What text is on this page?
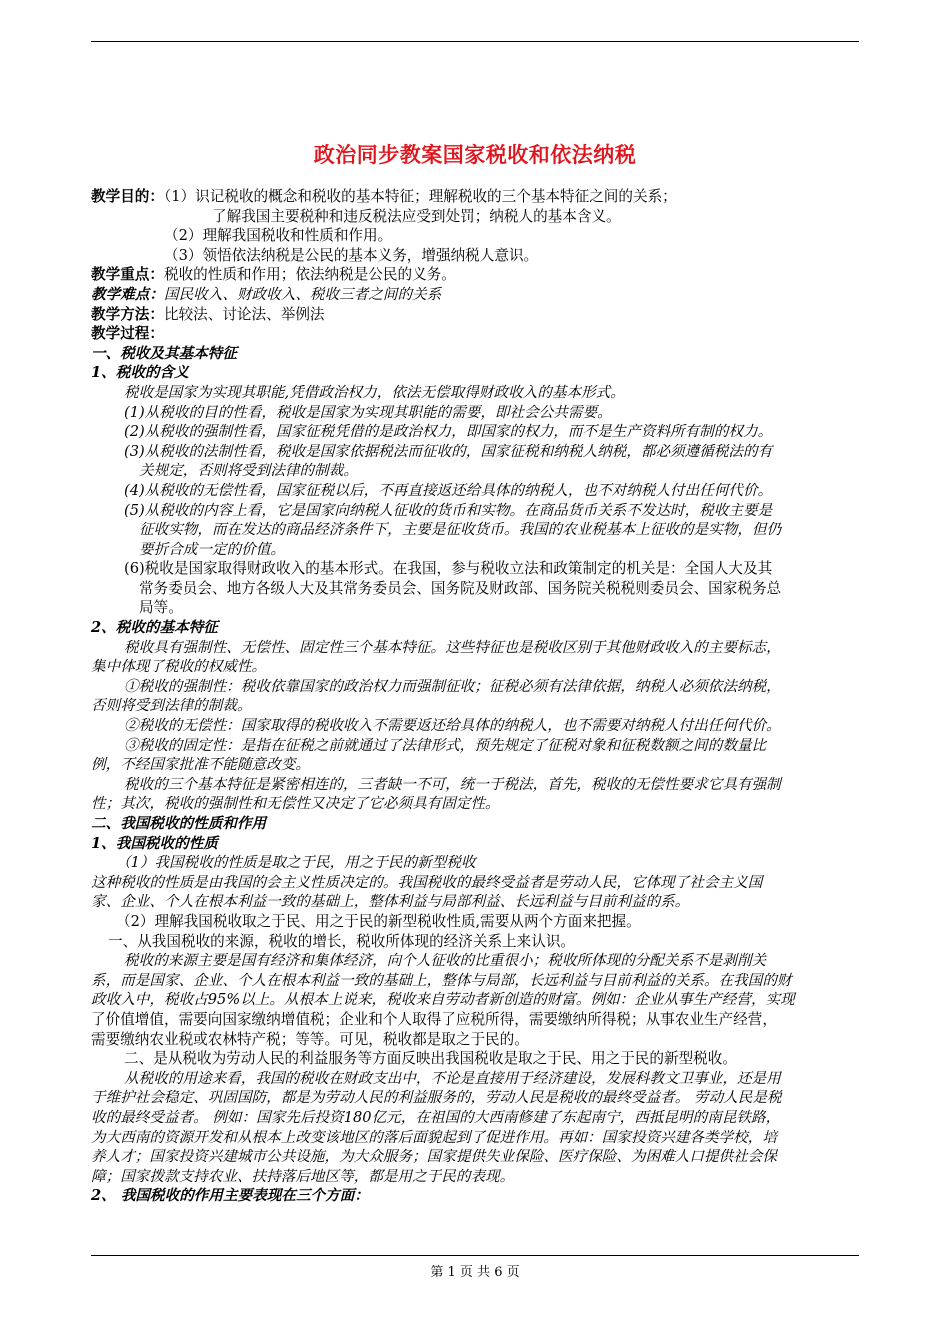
政治同步教案国家税收和依法纳税
教学目的：（1）识记税收的概念和税收的基本特征；理解税收的三个基本特征之间的关系；
了解我国主要税种和违反税法应受到处罚；纳税人的基本含义。
（2）理解我国税收和性质和作用。
（3）领悟依法纳税是公民的基本义务，增强纳税人意识。
教学重点：税收的性质和作用；依法纳税是公民的义务。
教学难点：国民收入、财政收入、税收三者之间的关系
教学方法：比较法、讨论法、举例法
教学过程：
一、税收及其基本特征
1、税收的含义
税收是国家为实现其职能,凭借政治权力，依法无偿取得财政收入的基本形式。
(1)从税收的目的性看，税收是国家为实现其职能的需要，即社会公共需要。
(2)从税收的强制性看，国家征税凭借的是政治权力，即国家的权力，而不是生产资料所有制的权力。
(3)从税收的法制性看，税收是国家依据税法而征收的，国家征税和纳税人纳税，都必须遵循税法的有
关规定，否则将受到法律的制裁。
(4)从税收的无偿性看，国家征税以后，不再直接返还给具体的纳税人，也不对纳税人付出任何代价。
(5)从税收的内容上看，它是国家向纳税人征收的货币和实物。在商品货币关系不发达时，税收主要是
征收实物，而在发达的商品经济条件下，主要是征收货币。我国的农业税基本上征收的是实物，但仍
要折合成一定的价值。
(6)税收是国家取得财政收入的基本形式。在我国，参与税收立法和政策制定的机关是：全国人大及其
常务委员会、地方各级人大及其常务委员会、国务院及财政部、国务院关税税则委员会、国家税务总
局等。
2、税收的基本特征
税收具有强制性、无偿性、固定性三个基本特征。这些特征也是税收区别于其他财政收入的主要标志，
集中体现了税收的权威性。
①税收的强制性：税收依靠国家的政治权力而强制征收；征税必须有法律依据，纳税人必须依法纳税，
否则将受到法律的制裁。
②税收的无偿性：国家取得的税收收入不需要返还给具体的纳税人，也不需要对纳税人付出任何代价。
③税收的固定性：是指在征税之前就通过了法律形式，预先规定了征税对象和征税数额之间的数量比
例，不经国家批准不能随意改变。
税收的三个基本特征是紧密相连的，三者缺一不可，统一于税法，首先，税收的无偿性要求它具有强制
性；其次，税收的强制性和无偿性又决定了它必须具有固定性。
二、我国税收的性质和作用
1、我国税收的性质
（1）我国税收的性质是取之于民，用之于民的新型税收
这种税收的性质是由我国的会主义性质决定的。我国税收的最终受益者是劳动人民，它体现了社会主义国
家、企业、个人在根本利益一致的基础上，整体利益与局部利益、长远利益与目前利益的系。
（2）理解我国税收取之于民、用之于民的新型税收性质,需要从两个方面来把握。
一、从我国税收的来源，税收的增长，税收所体现的经济关系上来认识。
税收的来源主要是国有经济和集体经济，向个人征收的比重很小；税收所体现的分配关系不是剥削关
系，而是国家、企业、个人在根本利益一致的基础上，整体与局部，长远利益与目前利益的关系。在我国的财
政收入中，税收占95%以上。从根本上说来，税收来自劳动者新创造的财富。例如：企业从事生产经营，实现
了价值增值，需要向国家缴纳增值税；企业和个人取得了应税所得，需要缴纳所得税；从事农业生产经营，
需要缴纳农业税或农林特产税；等等。可见，税收都是取之于民的。
二、是从税收为劳动人民的利益服务等方面反映出我国税收是取之于民、用之于民的新型税收。
从税收的用途来看，我国的税收在财政支出中，不论是直接用于经济建设，发展科教文卫事业，还是用
于维护社会稳定、巩固国防，都是为劳动人民的利益服务的，劳动人民是税收的最终受益者。 劳动人民是税
收的最终受益者。 例如：国家先后投资180亿元，在祖国的大西南修建了东起南宁，西抵昆明的南昆铁路，
为大西南的资源开发和从根本上改变该地区的落后面貌起到了促进作用。再如：国家投资兴建各类学校，培
养人才；国家投资兴建城市公共设施，为大众服务；国家提供失业保险、医疗保险、为困难人口提供社会保
障；国家拨款支持农业、扶持落后地区等，都是用之于民的表现。
2、 我国税收的作用主要表现在三个方面：
第 1 页 共 6 页
